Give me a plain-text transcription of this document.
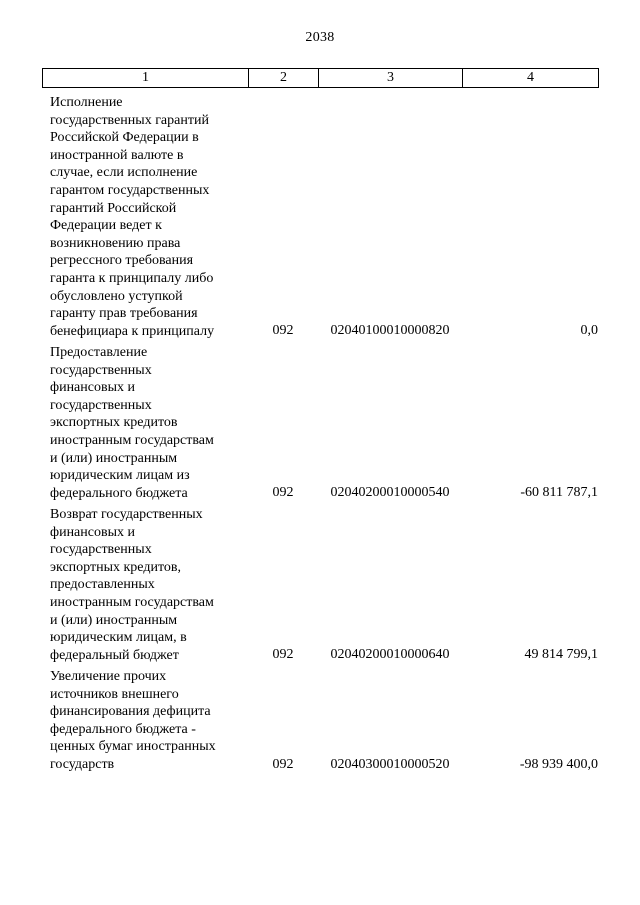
2038
1	2	3	4
Исполнение
государственных гарантий
Российской Федерации в
иностранной валюте в
случае, если исполнение
гарантом государственных
гарантий Российской
Федерации ведет к
возникновению права
регрессного требования
гаранта к принципалу либо
обусловлено уступкой
гаранту прав требования
бенефициара к принципалу	092	02040100010000820	0,0
Предоставление
государственных
финансовых и
государственных
экспортных кредитов
иностранным государствам
и (или) иностранным
юридическим лицам из
федерального бюджета	092	02040200010000540	-60 811 787,1
Возврат государственных
финансовых и
государственных
экспортных кредитов,
предоставленных
иностранным государствам
и (или) иностранным
юридическим лицам, в
федеральный бюджет	092	02040200010000640	49 814 799,1
Увеличение прочих
источников внешнего
финансирования дефицита
федерального бюджета -
ценных бумаг иностранных
государств	092	02040300010000520	-98 939 400,0
